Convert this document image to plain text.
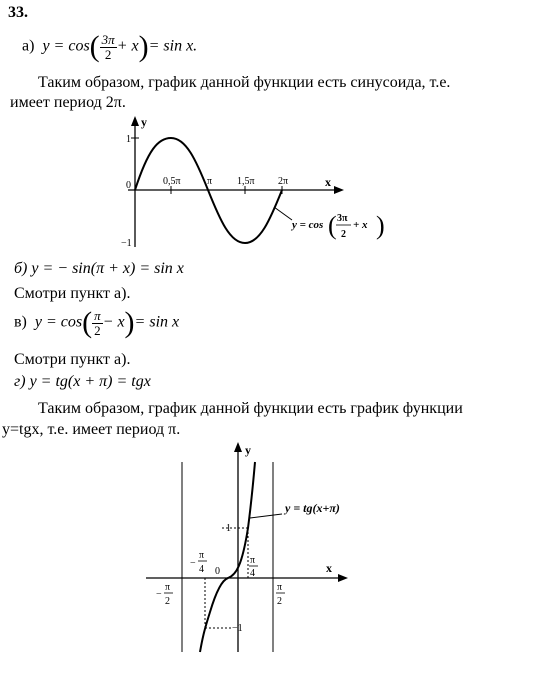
33.
а) $y = \cos( \frac{3\pi}{2} + x)= \sin x$.
Таким образом, график данной функции есть синусоида, т.е.
имеет период 2π.
y
x
1
0
−1
0,5π	π 1,5π 2π
y = cos ( 3π
2
+ x )
б) y = − sin(π + x) = sin x
Смотри пункт а).
в) $y = \cos( \frac{\pi}{2} - x)= \sin x$
Смотри пункт а).
г) y = tg(x + π) = tgx
Таким образом, график данной функции есть график функции
y=tgx, т.е. имеет период π.
y
x
y = tg(x+π)
1
−1
0
−
π
4
π
4
−
π
2
π
2
